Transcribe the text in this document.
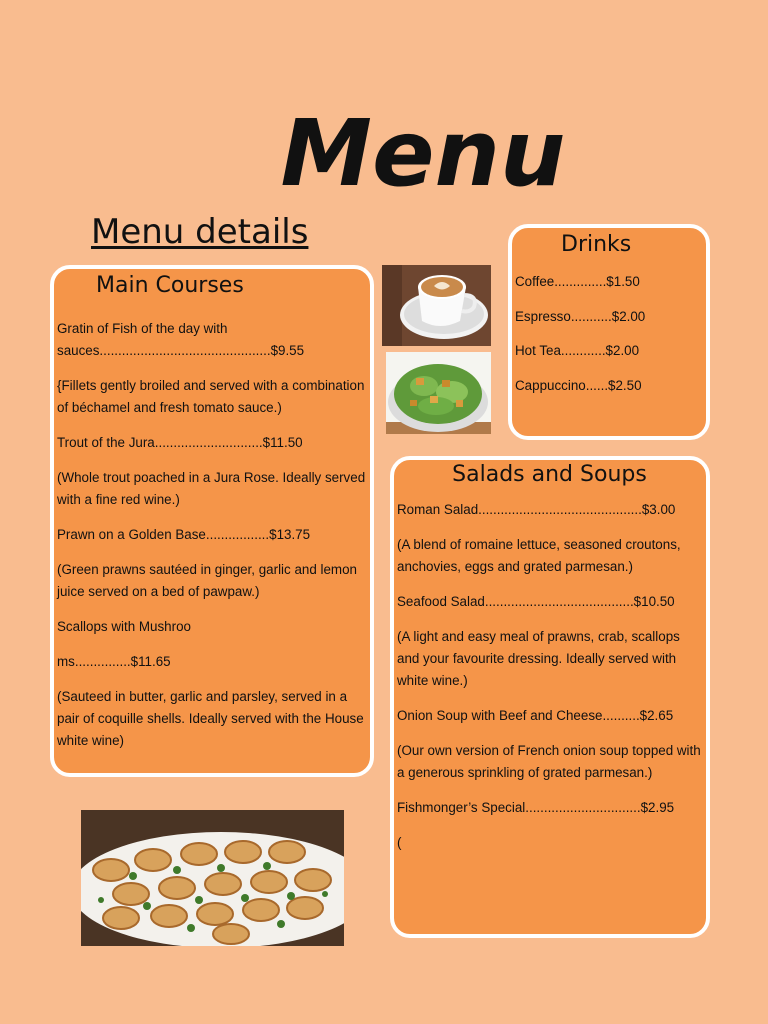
Menu
Menu details
Main Courses

Gratin of Fish of the day with sauces..............................................$9.55

{Fillets gently broiled and served with a combination of béchamel and fresh tomato sauce.)

Trout of the Jura.............................$11.50

(Whole trout poached in a Jura Rose. Ideally served with a fine red wine.)

Prawn on a Golden Base.................$13.75

(Green prawns sautéed in ginger, garlic and lemon juice served on a bed of pawpaw.)

Scallops with Mushroo

ms...............$11.65

(Sauteed in butter, garlic and parsley, served in a pair of coquille shells. Ideally served with the House white wine)

Drinks

Coffee..............$1.50

Espresso...........$2.00

Hot Tea............$2.00

Cappuccino......$2.50

Salads and Soups

Roman Salad............................................$3.00

(A blend of romaine lettuce, seasoned croutons, anchovies, eggs and grated parmesan.)

Seafood Salad........................................$10.50

(A light and easy meal of prawns, crab, scallops and your favourite dressing. Ideally served with white wine.)

Onion Soup with Beef and Cheese..........$2.65

(Our own version of French onion soup topped with a generous sprinkling of grated parmesan.)

Fishmonger’s Special...............................$2.95

(
